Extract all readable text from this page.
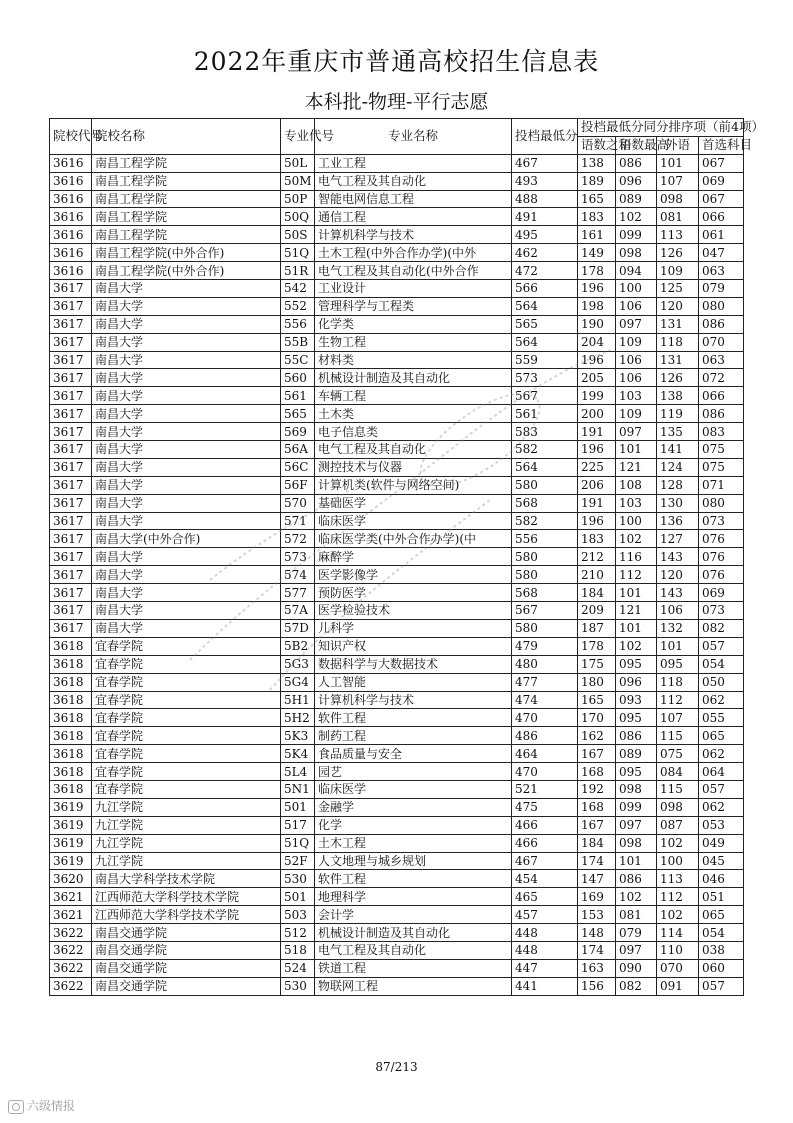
2022年重庆市普通高校招生信息表
本科批-物理-平行志愿
院校代号	院校名称	专业代号	专业名称	投档最低分	投档最低分同分排序项（前4项）			
					语数之和	语数最高	外语	首选科目
3616	南昌工程学院	50L	工业工程	467	138	086	101	067
3616	南昌工程学院	50M	电气工程及其自动化	493	189	096	107	069
3616	南昌工程学院	50P	智能电网信息工程	488	165	089	098	067
3616	南昌工程学院	50Q	通信工程	491	183	102	081	066
3616	南昌工程学院	50S	计算机科学与技术	495	161	099	113	061
3616	南昌工程学院(中外合作)	51Q	土木工程(中外合作办学)(中外	462	149	098	126	047
3616	南昌工程学院(中外合作)	51R	电气工程及其自动化(中外合作	472	178	094	109	063
3617	南昌大学	542	工业设计	566	196	100	125	079
3617	南昌大学	552	管理科学与工程类	564	198	106	120	080
3617	南昌大学	556	化学类	565	190	097	131	086
3617	南昌大学	55B	生物工程	564	204	109	118	070
3617	南昌大学	55C	材料类	559	196	106	131	063
3617	南昌大学	560	机械设计制造及其自动化	573	205	106	126	072
3617	南昌大学	561	车辆工程	567	199	103	138	066
3617	南昌大学	565	土木类	561	200	109	119	086
3617	南昌大学	569	电子信息类	583	191	097	135	083
3617	南昌大学	56A	电气工程及其自动化	582	196	101	141	075
3617	南昌大学	56C	测控技术与仪器	564	225	121	124	075
3617	南昌大学	56F	计算机类(软件与网络空间)	580	206	108	128	071
3617	南昌大学	570	基础医学	568	191	103	130	080
3617	南昌大学	571	临床医学	582	196	100	136	073
3617	南昌大学(中外合作)	572	临床医学类(中外合作办学)(中	556	183	102	127	076
3617	南昌大学	573	麻醉学	580	212	116	143	076
3617	南昌大学	574	医学影像学	580	210	112	120	076
3617	南昌大学	577	预防医学	568	184	101	143	069
3617	南昌大学	57A	医学检验技术	567	209	121	106	073
3617	南昌大学	57D	儿科学	580	187	101	132	082
3618	宜春学院	5B2	知识产权	479	178	102	101	057
3618	宜春学院	5G3	数据科学与大数据技术	480	175	095	095	054
3618	宜春学院	5G4	人工智能	477	180	096	118	050
3618	宜春学院	5H1	计算机科学与技术	474	165	093	112	062
3618	宜春学院	5H2	软件工程	470	170	095	107	055
3618	宜春学院	5K3	制药工程	486	162	086	115	065
3618	宜春学院	5K4	食品质量与安全	464	167	089	075	062
3618	宜春学院	5L4	园艺	470	168	095	084	064
3618	宜春学院	5N1	临床医学	521	192	098	115	057
3619	九江学院	501	金融学	475	168	099	098	062
3619	九江学院	517	化学	466	167	097	087	053
3619	九江学院	51Q	土木工程	466	184	098	102	049
3619	九江学院	52F	人文地理与城乡规划	467	174	101	100	045
3620	南昌大学科学技术学院	530	软件工程	454	147	086	113	046
3621	江西师范大学科学技术学院	501	地理科学	465	169	102	112	051
3621	江西师范大学科学技术学院	503	会计学	457	153	081	102	065
3622	南昌交通学院	512	机械设计制造及其自动化	448	148	079	114	054
3622	南昌交通学院	518	电气工程及其自动化	448	174	097	110	038
3622	南昌交通学院	524	铁道工程	447	163	090	070	060
3622	南昌交通学院	530	物联网工程	441	156	082	091	057
87/213
六级情报
